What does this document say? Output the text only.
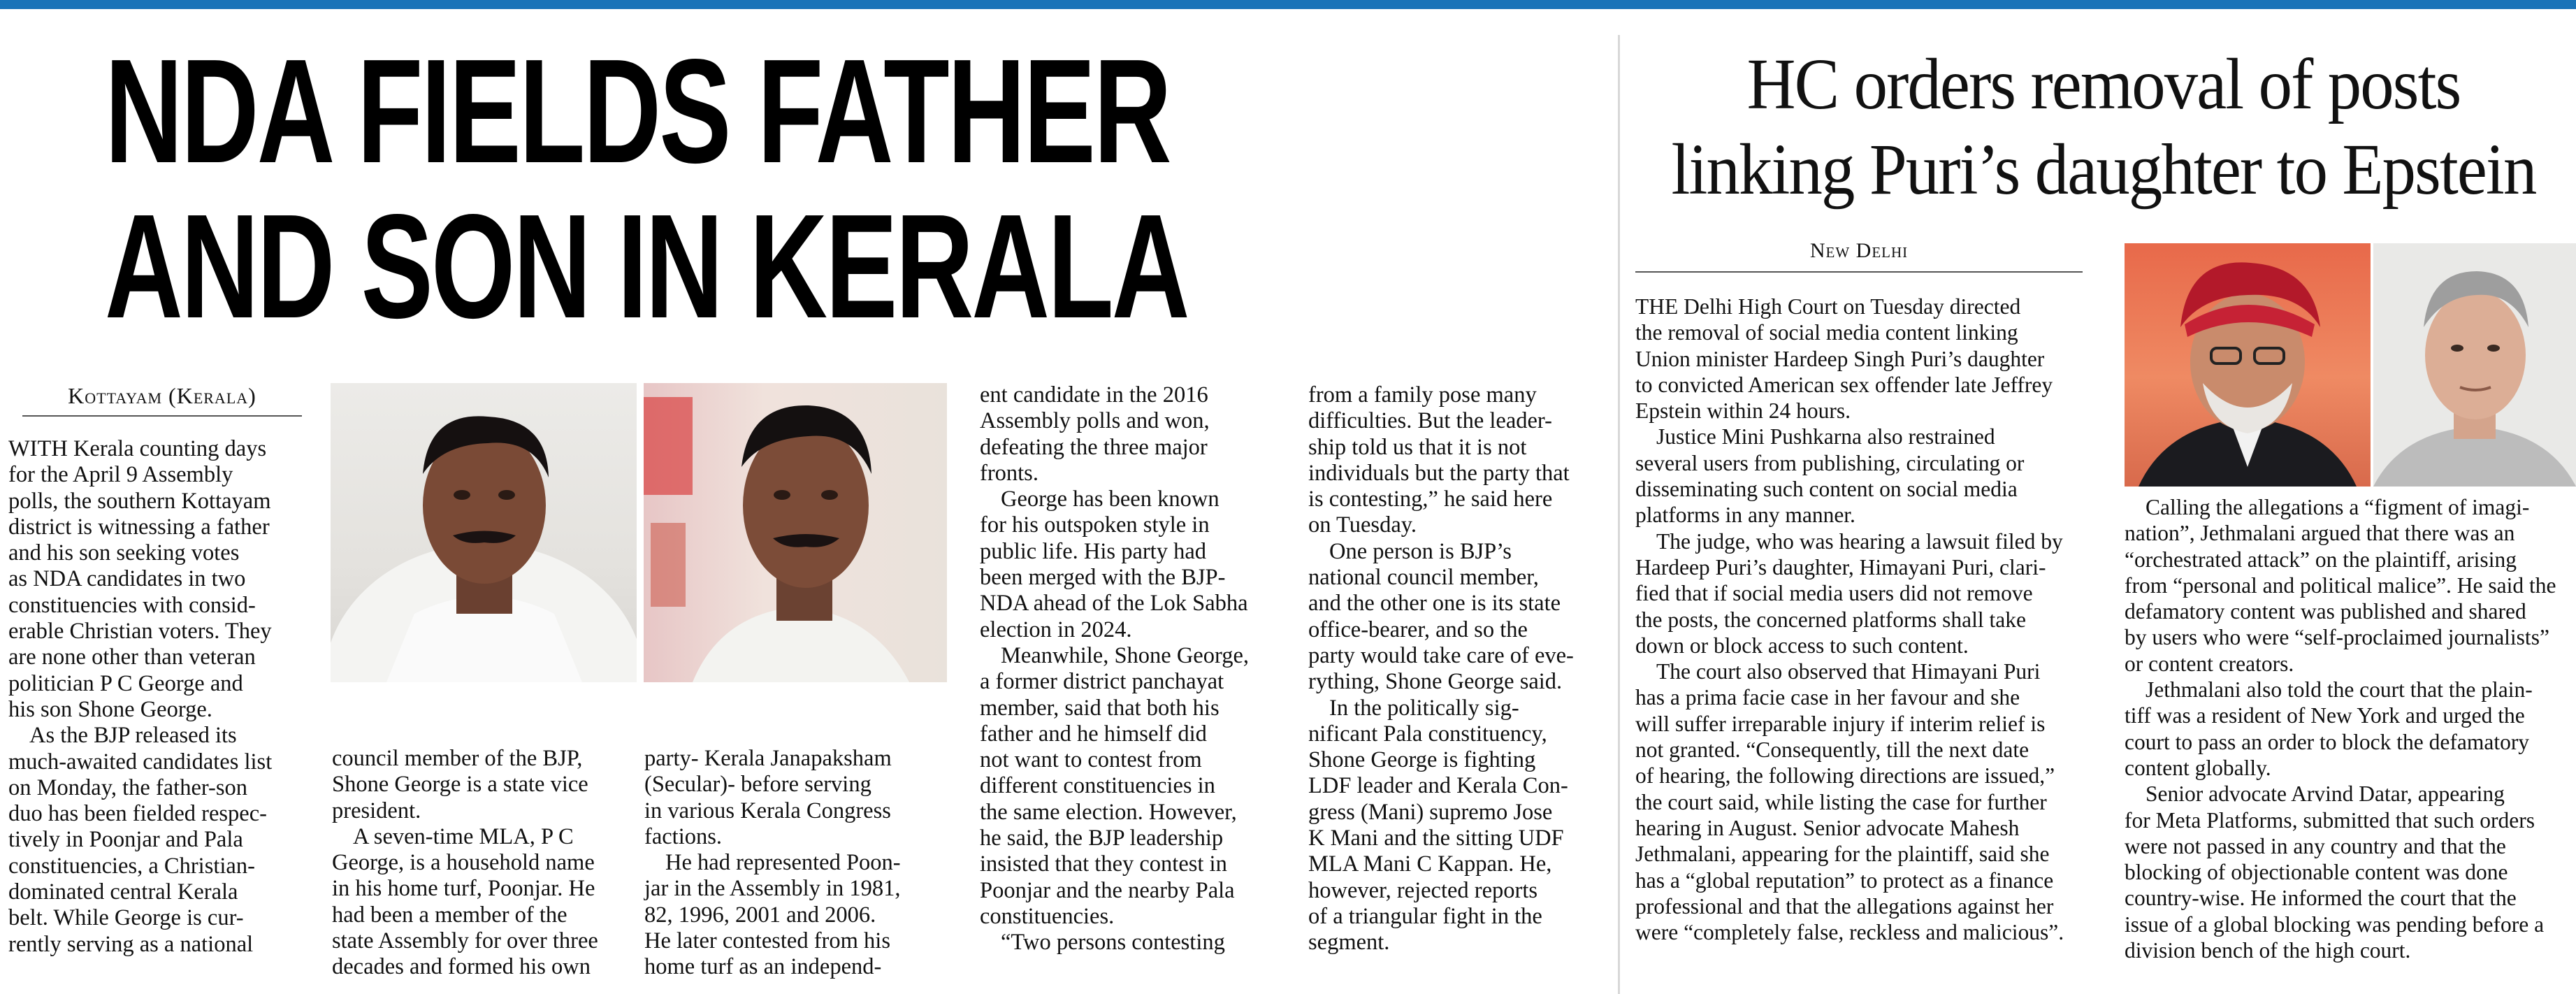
NDA FIELDS FATHER
AND SON IN KERALA
Kottayam (Kerala)

WITH Kerala counting days

for the April 9 Assembly

polls, the southern Kottayam

district is witnessing a father

and his son seeking votes

as NDA candidates in two

constituencies with consid-

erable Christian voters. They

are none other than veteran

politician P C George and

his son Shone George.

As the BJP released its

much-awaited candidates list

on Monday, the father-son

duo has been fielded respec-

tively in Poonjar and Pala

constituencies, a Christian-

dominated central Kerala

belt. While George is cur-

rently serving as a national

council member of the BJP,

Shone George is a state vice

president.

A seven-time MLA, P C

George, is a household name

in his home turf, Poonjar. He

had been a member of the

state Assembly for over three

decades and formed his own

party- Kerala Janapaksham

(Secular)- before serving

in various Kerala Congress

factions.

He had represented Poon-

jar in the Assembly in 1981,

82, 1996, 2001 and 2006.

He later contested from his

home turf as an independ-

ent candidate in the 2016

Assembly polls and won,

defeating the three major

fronts.

George has been known

for his outspoken style in

public life. His party had

been merged with the BJP-

NDA ahead of the Lok Sabha

election in 2024.

Meanwhile, Shone George,

a former district panchayat

member, said that both his

father and he himself did

not want to contest from

different constituencies in

the same election. However,

he said, the BJP leadership

insisted that they contest in

Poonjar and the nearby Pala

constituencies.

“Two persons contesting

from a family pose many

difficulties. But the leader-

ship told us that it is not

individuals but the party that

is contesting,” he said here

on Tuesday.

One person is BJP’s

national council member,

and the other one is its state

office-bearer, and so the

party would take care of eve-

rything, Shone George said.

In the politically sig-

nificant Pala constituency,

Shone George is fighting

LDF leader and Kerala Con-

gress (Mani) supremo Jose

K Mani and the sitting UDF

MLA Mani C Kappan. He,

however, rejected reports

of a triangular fight in the

segment.

HC orders removal of posts
linking Puri’s daughter to Epstein
New Delhi

THE Delhi High Court on Tuesday directed

the removal of social media content linking

Union minister Hardeep Singh Puri’s daughter

to convicted American sex offender late Jeffrey

Epstein within 24 hours.

Justice Mini Pushkarna also restrained

several users from publishing, circulating or

disseminating such content on social media

platforms in any manner.

The judge, who was hearing a lawsuit filed by

Hardeep Puri’s daughter, Himayani Puri, clari-

fied that if social media users did not remove

the posts, the concerned platforms shall take

down or block access to such content.

The court also observed that Himayani Puri

has a prima facie case in her favour and she

will suffer irreparable injury if interim relief is

not granted. “Consequently, till the next date

of hearing, the following directions are issued,”

the court said, while listing the case for further

hearing in August. Senior advocate Mahesh

Jethmalani, appearing for the plaintiff, said she

has a “global reputation” to protect as a finance

professional and that the allegations against her

were “completely false, reckless and malicious”.

Calling the allegations a “figment of imagi-

nation”, Jethmalani argued that there was an

“orchestrated attack” on the plaintiff, arising

from “personal and political malice”. He said the

defamatory content was published and shared

by users who were “self-proclaimed journalists”

or content creators.

Jethmalani also told the court that the plain-

tiff was a resident of New York and urged the

court to pass an order to block the defamatory

content globally.

Senior advocate Arvind Datar, appearing

for Meta Platforms, submitted that such orders

were not passed in any country and that the

blocking of objectionable content was done

country-wise. He informed the court that the

issue of a global blocking was pending before a

division bench of the high court.
